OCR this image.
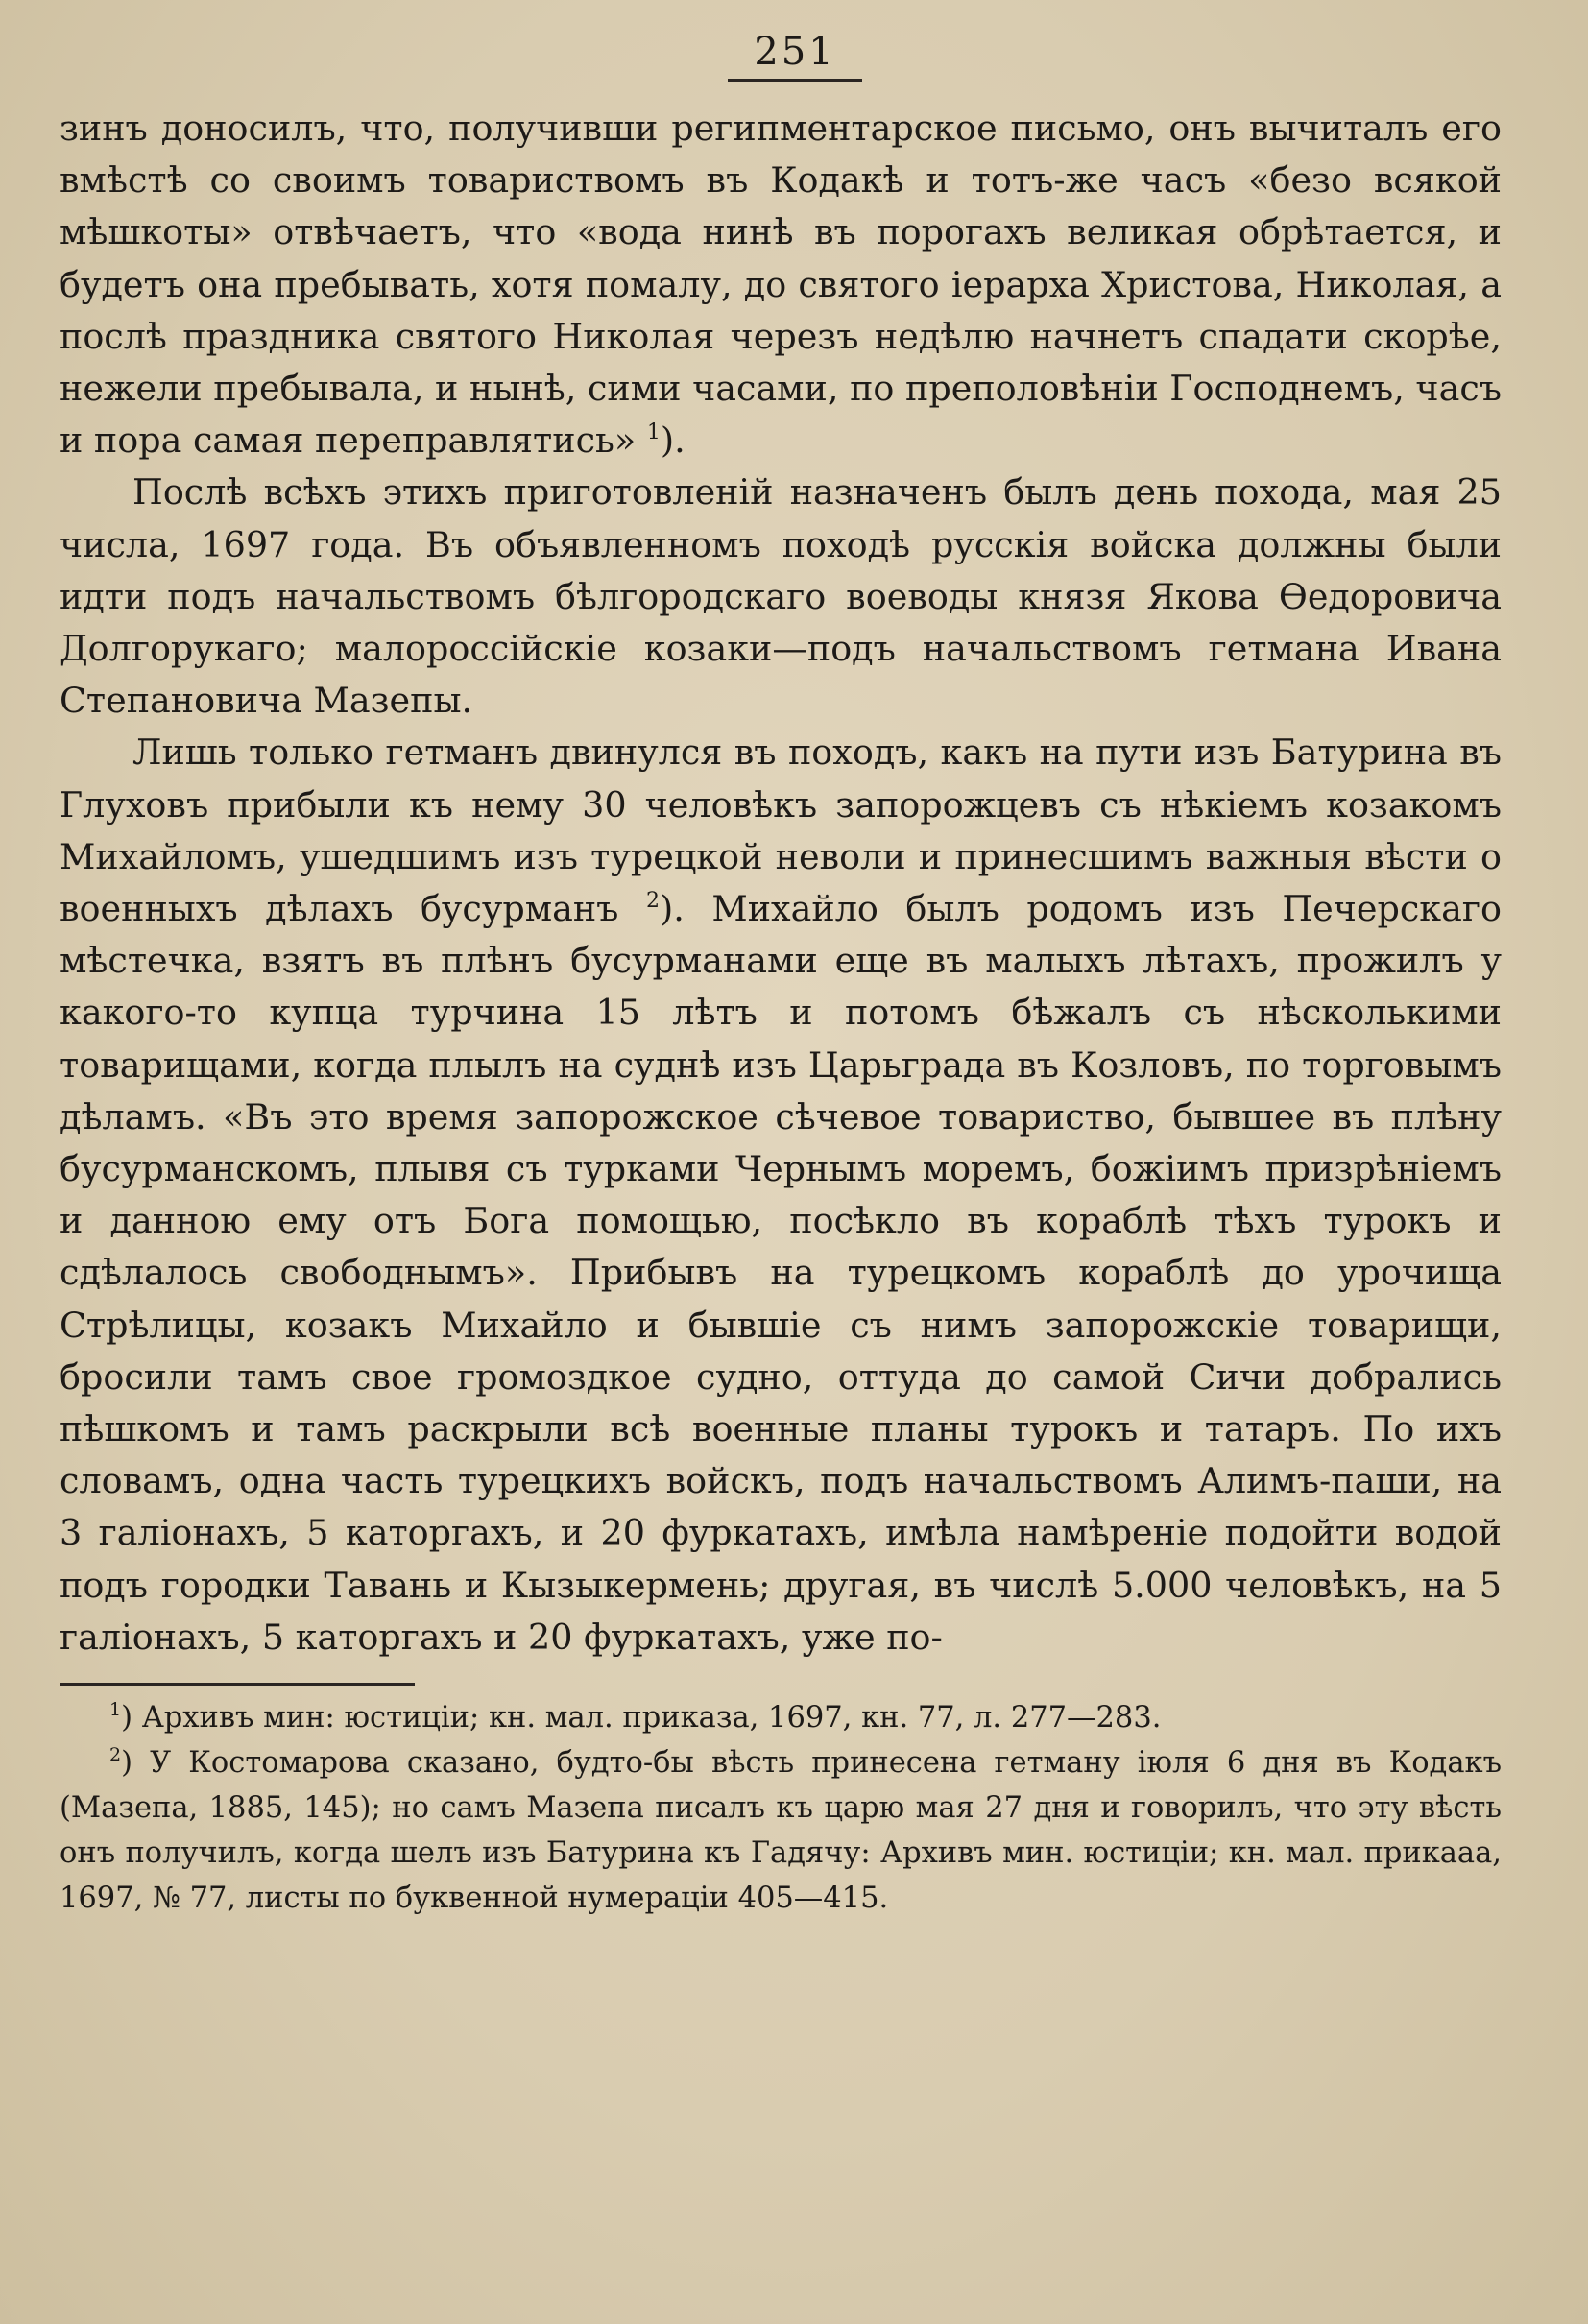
251

зинъ доносилъ, что, получивши регипментарское письмо, онъ вычиталъ его вмѣстѣ со своимъ товариствомъ въ Кодакѣ и тотъ-же часъ «безо всякой мѣшкоты» отвѣчаетъ, что «вода нинѣ въ порогахъ великая обрѣтается, и будетъ она пребывать, хотя помалу, до святого іерарха Христова, Николая, а послѣ праздника святого Николая черезъ недѣлю начнетъ спадати скорѣе, нежели пребывала, и нынѣ, сими часами, по преполовѣніи Господнемъ, часъ и пора самая переправлятись» $^1$).

Послѣ всѣхъ этихъ приготовленій назначенъ былъ день похода, мая 25 числа, 1697 года. Въ объявленномъ походѣ русскія войска должны были идти подъ начальствомъ бѣлгородскаго воеводы князя Якова Ѳедоровича Долгорукаго; малороссійскіе козаки—подъ начальствомъ гетмана Ивана Степановича Мазепы.

Лишь только гетманъ двинулся въ походъ, какъ на пути изъ Батурина въ Глуховъ прибыли къ нему 30 человѣкъ запорожцевъ съ нѣкіемъ козакомъ Михайломъ, ушедшимъ изъ турецкой неволи и принесшимъ важныя вѣсти о военныхъ дѣлахъ бусурманъ $^2$). Михайло былъ родомъ изъ Печерскаго мѣстечка, взятъ въ плѣнъ бусурманами еще въ малыхъ лѣтахъ, прожилъ у какого-то купца турчина 15 лѣтъ и потомъ бѣжалъ съ нѣсколькими товарищами, когда плылъ на суднѣ изъ Царьграда въ Козловъ, по торговымъ дѣламъ. «Въ это время запорожское сѣчевое товариство, бывшее въ плѣну бусурманскомъ, плывя съ турками Чернымъ моремъ, божіимъ призрѣніемъ и данною ему отъ Бога помощью, посѣкло въ кораблѣ тѣхъ турокъ и сдѣлалось свободнымъ». Прибывъ на турецкомъ кораблѣ до урочища Стрѣлицы, козакъ Михайло и бывшіе съ нимъ запорожскіе товарищи, бросили тамъ свое громоздкое судно, оттуда до самой Сичи добрались пѣшкомъ и тамъ раскрыли всѣ военные планы турокъ и татаръ. По ихъ словамъ, одна часть турецкихъ войскъ, подъ начальствомъ Алимъ-паши, на 3 галіонахъ, 5 каторгахъ, и 20 фуркатахъ, имѣла намѣреніе подойти водой подъ городки Тавань и Кызыкермень; другая, въ числѣ 5.000 человѣкъ, на 5 галіонахъ, 5 каторгахъ и 20 фуркатахъ, уже по-

$^1$) Архивъ мин: юстиціи; кн. мал. приказа, 1697, кн. 77, л. 277—283.

$^2$) У Костомарова сказано, будто-бы вѣсть принесена гетману іюля 6 дня въ Кодакъ (Мазепа, 1885, 145); но самъ Мазепа писалъ къ царю мая 27 дня и говорилъ, что эту вѣсть онъ получилъ, когда шелъ изъ Батурина къ Гадячу: Архивъ мин. юстиціи; кн. мал. прикааа, 1697, № 77, листы по буквенной нумераціи 405—415.
